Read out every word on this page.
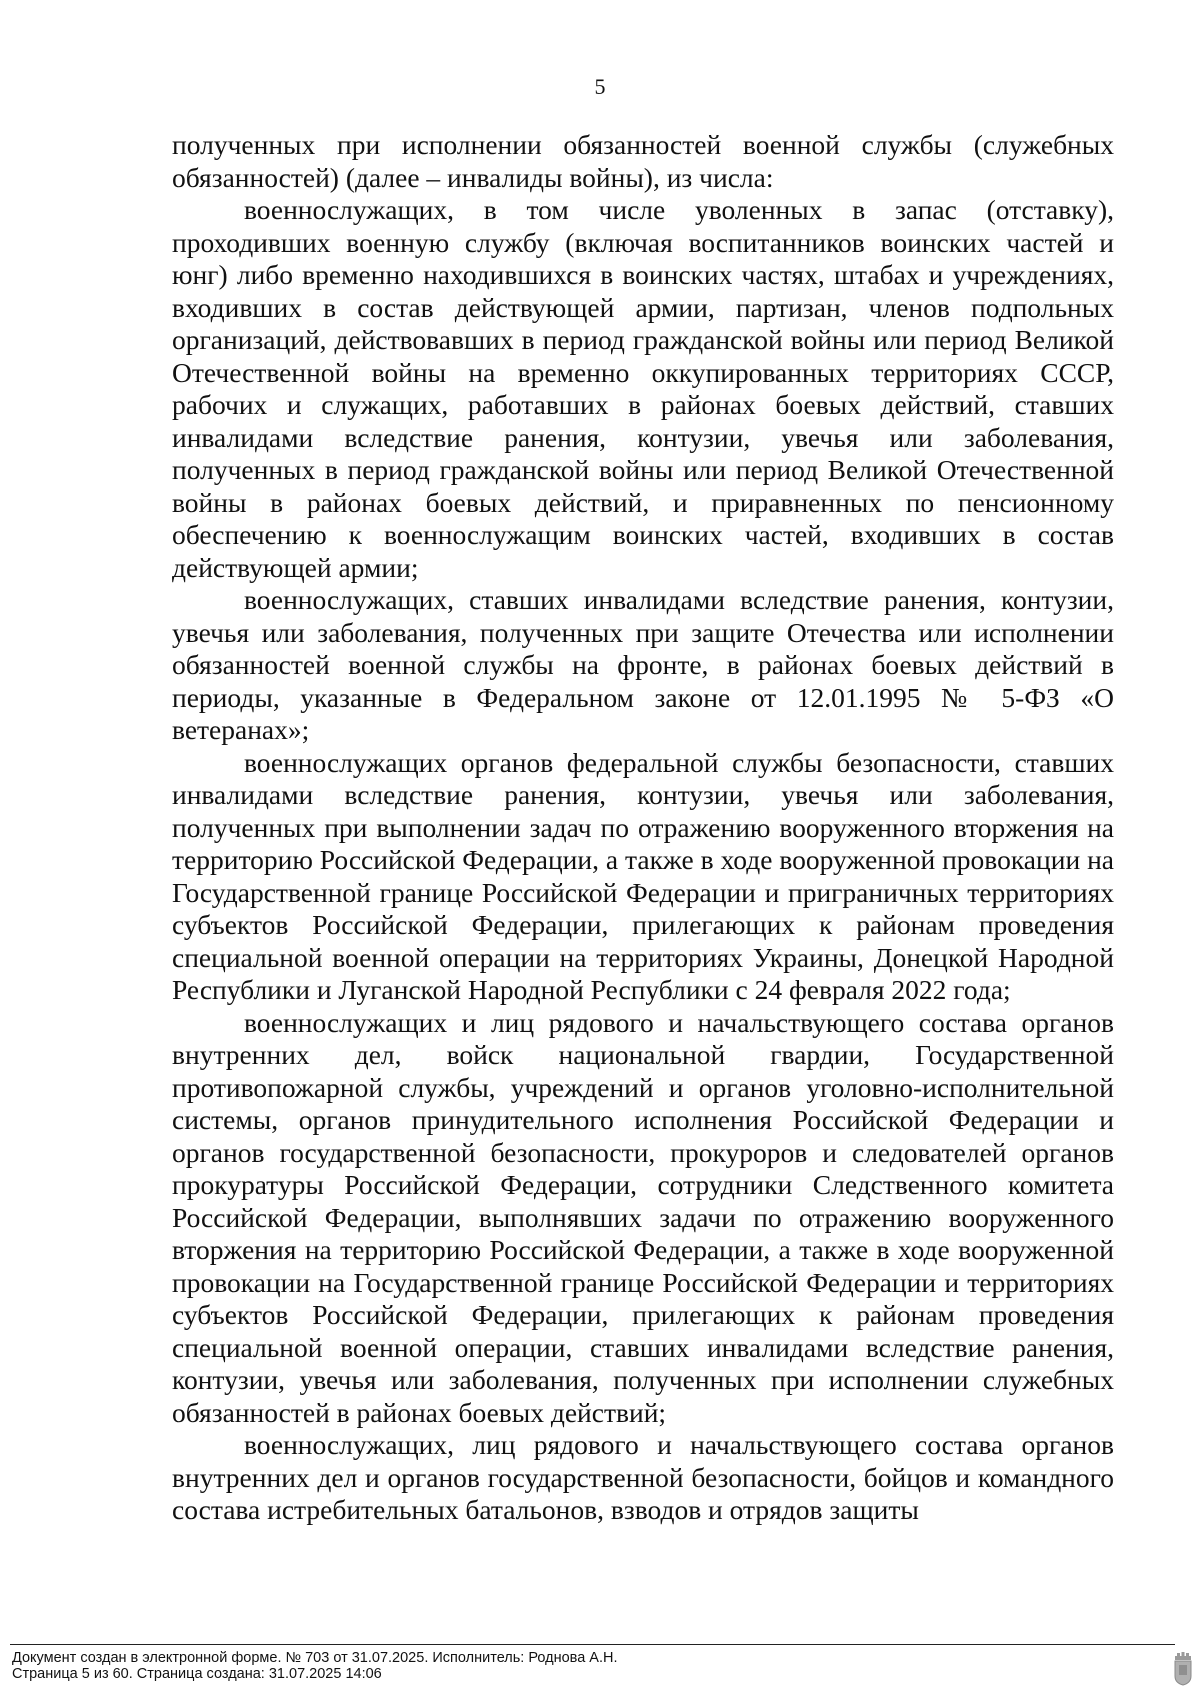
5

полученных при исполнении обязанностей военной службы (служебных обязанностей) (далее – инвалиды войны), из числа:

военнослужащих, в том числе уволенных в запас (отставку), проходивших военную службу (включая воспитанников воинских частей и юнг) либо временно находившихся в воинских частях, штабах и учреждениях, входивших в состав действующей армии, партизан, членов подпольных организаций, действовавших в период гражданской войны или период Великой Отечественной войны на временно оккупированных территориях СССР, рабочих и служащих, работавших в районах боевых действий, ставших инвалидами вследствие ранения, контузии, увечья или заболевания, полученных в период гражданской войны или период Великой Отечественной войны в районах боевых действий, и приравненных по пенсионному обеспечению к военнослужащим воинских частей, входивших в состав действующей армии;

военнослужащих, ставших инвалидами вследствие ранения, контузии, увечья или заболевания, полученных при защите Отечества или исполнении обязанностей военной службы на фронте, в районах боевых действий в периоды, указанные в Федеральном законе от 12.01.1995 № 5-ФЗ «О ветеранах»;

военнослужащих органов федеральной службы безопасности, ставших инвалидами вследствие ранения, контузии, увечья или заболевания, полученных при выполнении задач по отражению вооруженного вторжения на территорию Российской Федерации, а также в ходе вооруженной провокации на Государственной границе Российской Федерации и приграничных территориях субъектов Российской Федерации, прилегающих к районам проведения специальной военной операции на территориях Украины, Донецкой Народной Республики и Луганской Народной Республики с 24 февраля 2022 года;

военнослужащих и лиц рядового и начальствующего состава органов внутренних дел, войск национальной гвардии, Государственной противопожарной службы, учреждений и органов уголовно-исполнительной системы, органов принудительного исполнения Российской Федерации и органов государственной безопасности, прокуроров и следователей органов прокуратуры Российской Федерации, сотрудники Следственного комитета Российской Федерации, выполнявших задачи по отражению вооруженного вторжения на территорию Российской Федерации, а также в ходе вооруженной провокации на Государственной границе Российской Федерации и территориях субъектов Российской Федерации, прилегающих к районам проведения специальной военной операции, ставших инвалидами вследствие ранения, контузии, увечья или заболевания, полученных при исполнении служебных обязанностей в районах боевых действий;

военнослужащих, лиц рядового и начальствующего состава органов внутренних дел и органов государственной безопасности, бойцов и командного состава истребительных батальонов, взводов и отрядов защиты

Документ создан в электронной форме. № 703 от 31.07.2025. Исполнитель: Роднова А.Н.
Страница 5 из 60. Страница создана: 31.07.2025 14:06
